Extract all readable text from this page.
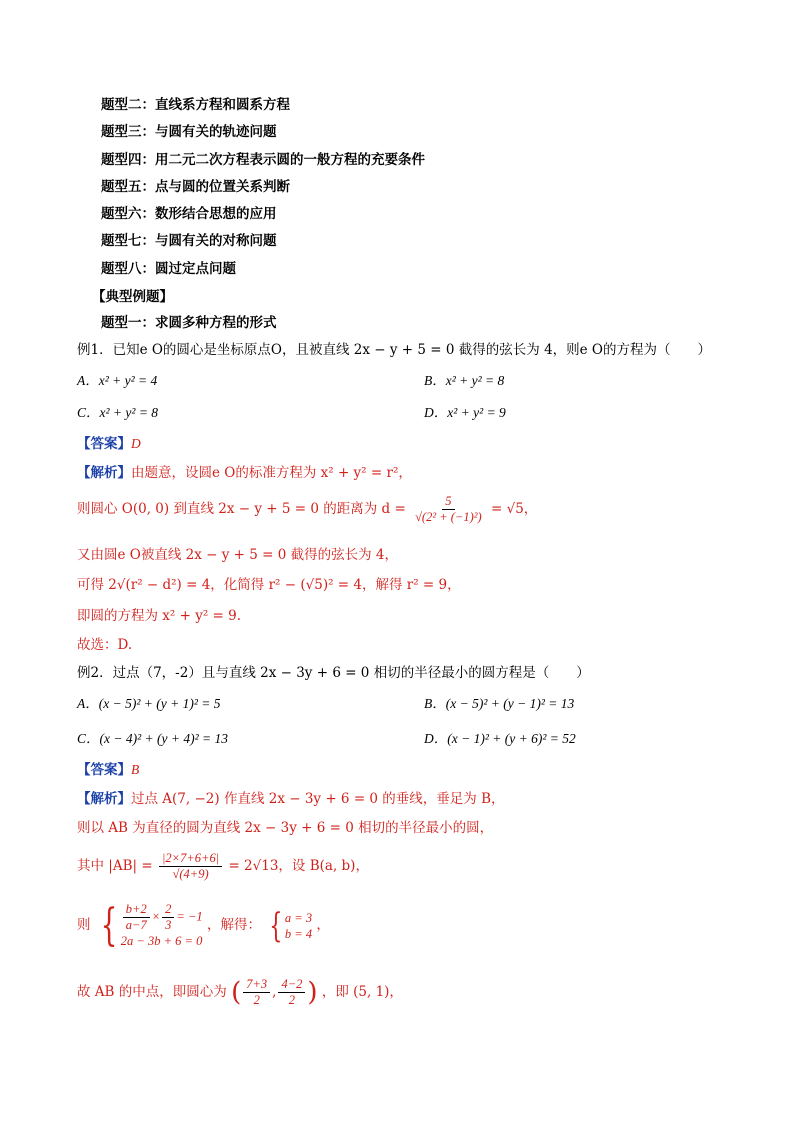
题型二：直线系方程和圆系方程
题型三：与圆有关的轨迹问题
题型四：用二元二次方程表示圆的一般方程的充要条件
题型五：点与圆的位置关系判断
题型六：数形结合思想的应用
题型七：与圆有关的对称问题
题型八：圆过定点问题
【典型例题】
题型一：求圆多种方程的形式
例1．已知e O的圆心是坐标原点O，且被直线 2x − y + 5 = 0 截得的弦长为 4，则e O的方程为（　　）
A．x² + y² = 4	B．x² + y² = 8
C．x² + y² = 8	D．x² + y² = 9
【答案】D
【解析】由题意，设圆e O的标准方程为 x² + y² = r²，
则圆心 O(0, 0) 到直线 2x − y + 5 = 0 的距离为 $d = \frac{5}{\text{√(2² + (−1)²)}} = √5$，
又由圆e O被直线 2x − y + 5 = 0 截得的弦长为 4，
可得 2√(r² − d²) = 4，化简得 r² − (√5)² = 4，解得 r² = 9，
即圆的方程为 x² + y² = 9.
故选：D.
例2．过点（7，-2）且与直线 2x − 3y + 6 = 0 相切的半径最小的圆方程是（　　）
A．(x − 5)² + (y + 1)² = 5	B．(x − 5)² + (y − 1)² = 13
C．(x − 4)² + (y + 4)² = 13	D．(x − 1)² + (y + 6)² = 52
【答案】B
【解析】过点 A(7, −2) 作直线 2x − 3y + 6 = 0 的垂线，垂足为 B，
则以 AB 为直径的圆为直线 2x − 3y + 6 = 0 相切的半径最小的圆，
其中 $|AB| = \frac{|2\times 7+6+6|}{√(4+9)} = 2√13$，设 B(a, b)，
则 { $\frac{b+2}{a-7} \times \frac{2}{3} = -1$
2a − 3b + 6 = 0
，解得： { a = 3
b = 4
，
故 AB 的中点，即圆心为 ( $\frac{7+3}{2}$ , $\frac{4-2}{2}$ ) ，即 (5, 1)，
